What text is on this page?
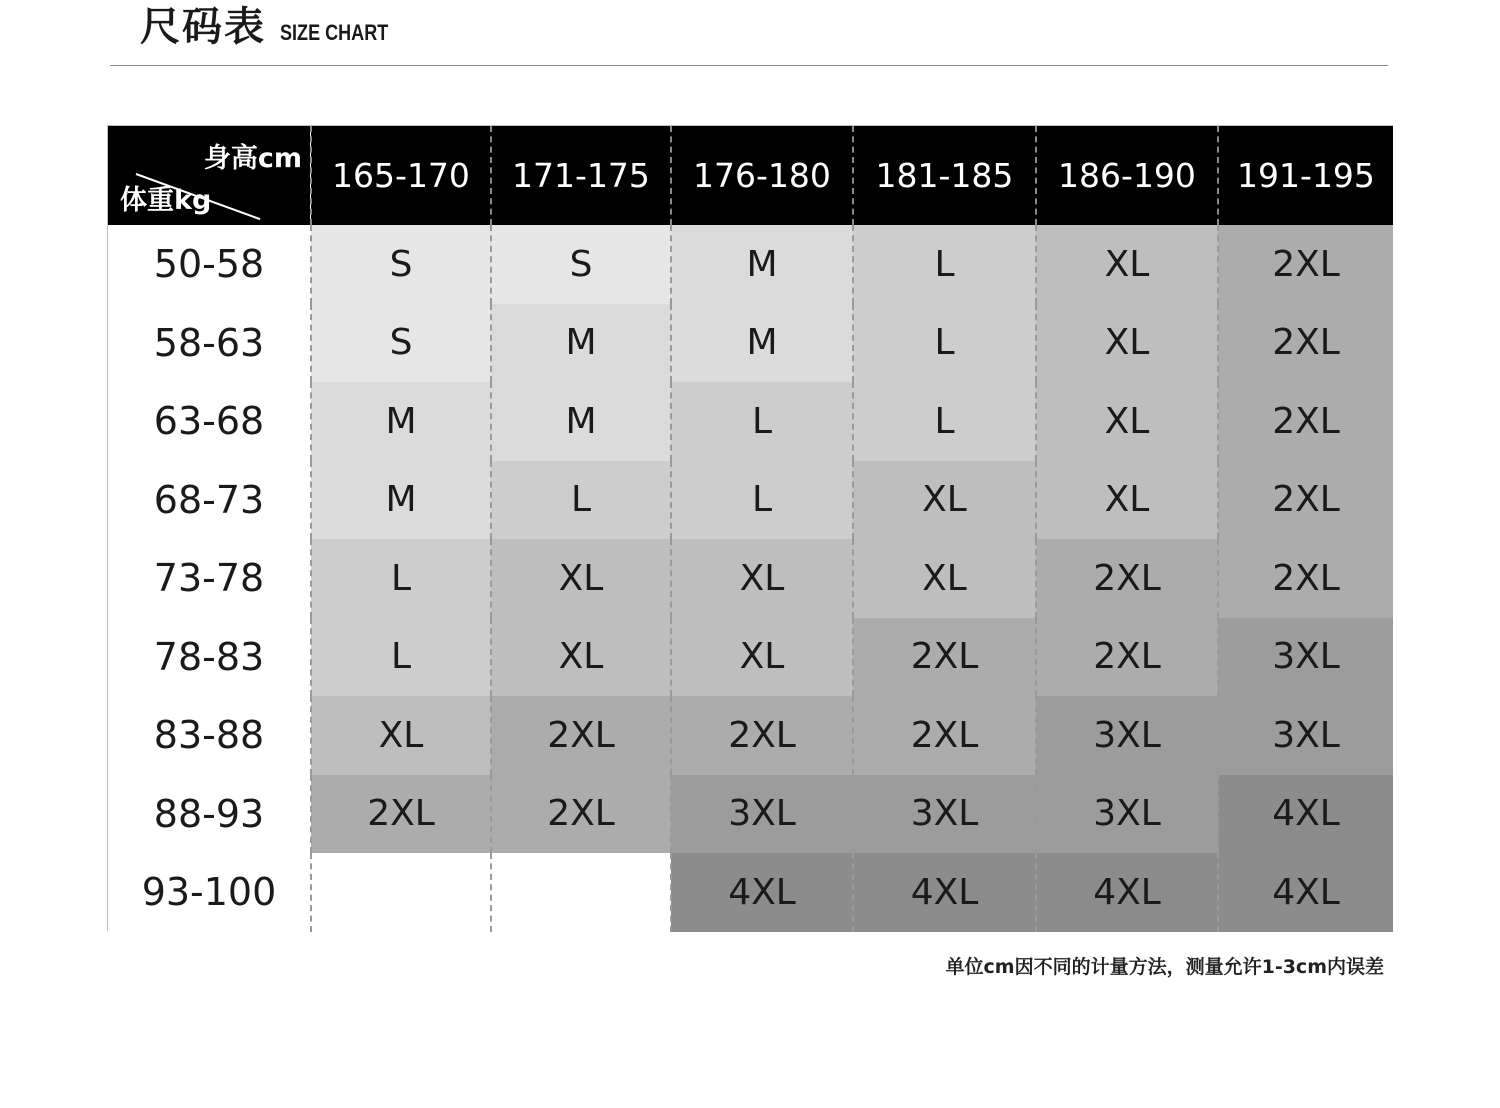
尺码表 SIZE CHART
身高cm
体重kg	165-170	171-175	176-180	181-185	186-190	191-195
50-58	S	S	M	L	XL	2XL
58-63	S	M	M	L	XL	2XL
63-68	M	M	L	L	XL	2XL
68-73	M	L	L	XL	XL	2XL
73-78	L	XL	XL	XL	2XL	2XL
78-83	L	XL	XL	2XL	2XL	3XL
83-88	XL	2XL	2XL	2XL	3XL	3XL
88-93	2XL	2XL	3XL	3XL	3XL	4XL
93-100			4XL	4XL	4XL	4XL
单位cm因不同的计量方法，测量允许1-3cm内误差
